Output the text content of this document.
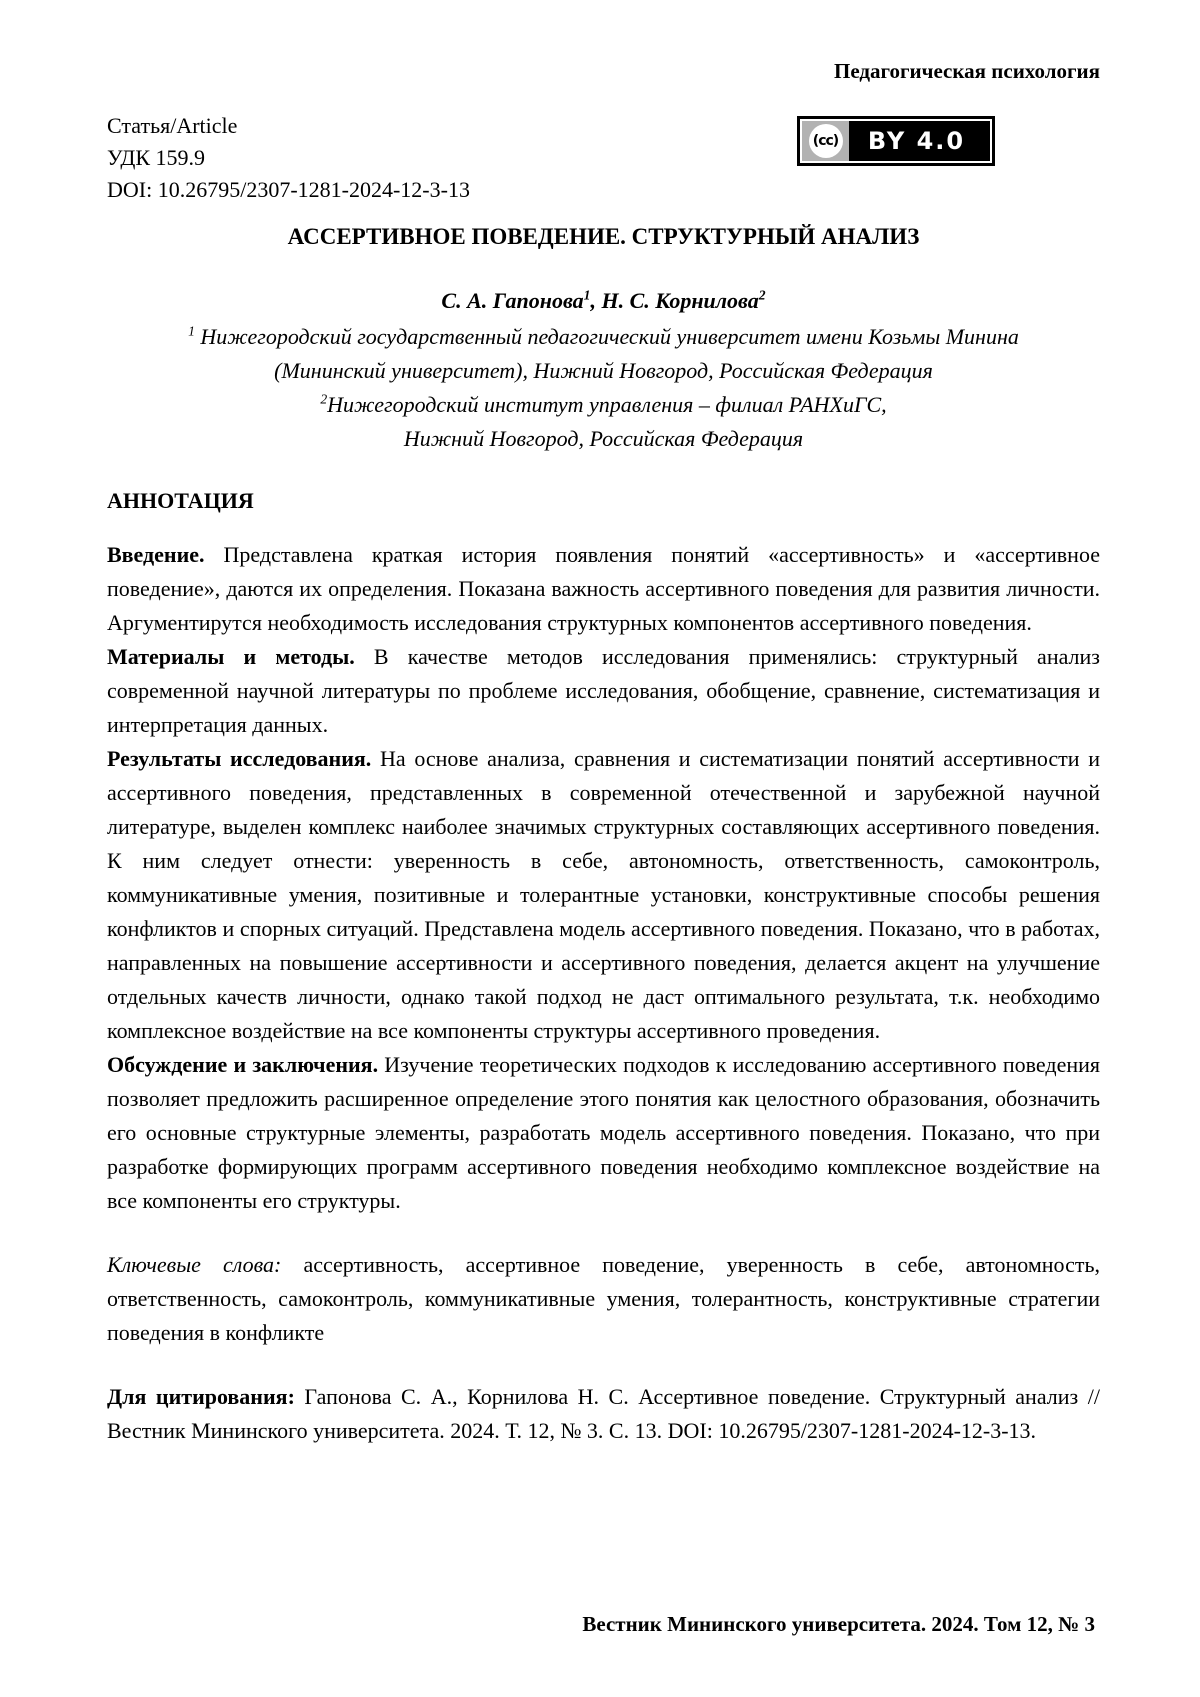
Педагогическая психология
Статья/Article
УДК 159.9
DOI: 10.26795/2307-1281-2024-12-3-13
(cc)	BY 4.0
АССЕРТИВНОЕ ПОВЕДЕНИЕ. СТРУКТУРНЫЙ АНАЛИЗ
С. А. Гапонова$^1$, Н. С. Корнилова$^2$
$^1$ Нижегородский государственный педагогический университет имени Козьмы Минина
(Мининский университет), Нижний Новгород, Российская Федерация
$^2$Нижегородский институт управления – филиал РАНХиГС,
Нижний Новгород, Российская Федерация
АННОТАЦИЯ

Введение. Представлена краткая история появления понятий «ассертивность» и «ассертивное поведение», даются их определения. Показана важность ассертивного поведения для развития личности. Аргументирутся необходимость исследования структурных компонентов ассертивного поведения.

Материалы и методы. В качестве методов исследования применялись: структурный анализ современной научной литературы по проблеме исследования, обобщение, сравнение, систематизация и интерпретация данных.

Результаты исследования. На основе анализа, сравнения и систематизации понятий ассертивности и ассертивного поведения, представленных в современной отечественной и зарубежной научной литературе, выделен комплекс наиболее значимых структурных составляющих ассертивного поведения. К ним следует отнести: уверенность в себе, автономность, ответственность, самоконтроль, коммуникативные умения, позитивные и толерантные установки, конструктивные способы решения конфликтов и спорных ситуаций. Представлена модель ассертивного поведения. Показано, что в работах, направленных на повышение ассертивности и ассертивного поведения, делается акцент на улучшение отдельных качеств личности, однако такой подход не даст оптимального результата, т.к. необходимо комплексное воздействие на все компоненты структуры ассертивного проведения.

Обсуждение и заключения. Изучение теоретических подходов к исследованию ассертивного поведения позволяет предложить расширенное определение этого понятия как целостного образования, обозначить его основные структурные элементы, разработать модель ассертивного поведения. Показано, что при разработке формирующих программ ассертивного поведения необходимо комплексное воздействие на все компоненты его структуры.

Ключевые слова: ассертивность, ассертивное поведение, уверенность в себе, автономность, ответственность, самоконтроль, коммуникативные умения, толерантность, конструктивные стратегии поведения в конфликте

Для цитирования: Гапонова С. А., Корнилова Н. С. Ассертивное поведение. Структурный анализ // Вестник Мининского университета. 2024. Т. 12, № 3. С. 13. DOI: 10.26795/2307-1281-2024-12-3-13.

Вестник Мининского университета. 2024. Том 12, № 3
